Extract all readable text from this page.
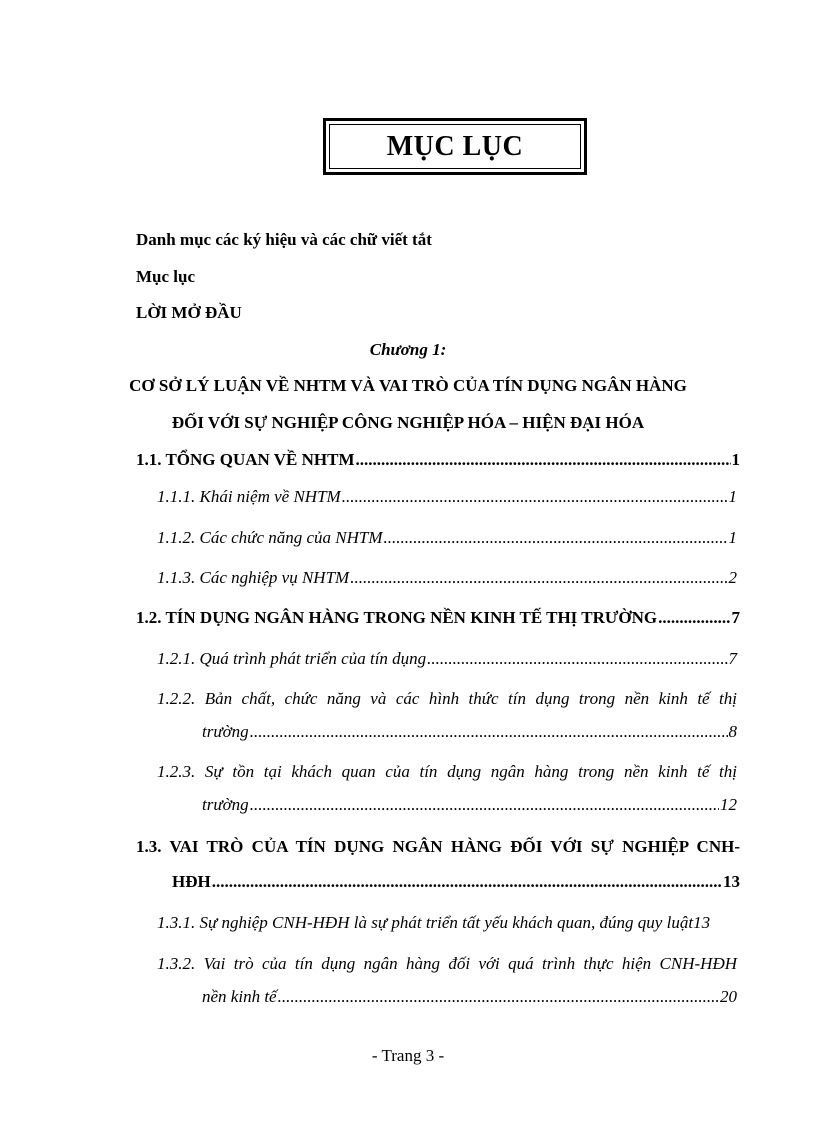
MỤC LỤC
Danh mục các ký hiệu và các chữ viết tắt
Mục lục
LỜI MỞ ĐẦU
Chương 1:
CƠ SỞ LÝ LUẬN VỀ NHTM VÀ VAI TRÒ CỦA TÍN DỤNG NGÂN HÀNG
ĐỐI VỚI SỰ NGHIỆP CÔNG NGHIỆP HÓA – HIỆN ĐẠI HÓA
1.1. TỔNG QUAN VỀ NHTM .....	1
1.1.1. Khái niệm về NHTM .....	1
1.1.2. Các chức năng của NHTM .....	1
1.1.3. Các nghiệp vụ NHTM .....	2
1.2. TÍN DỤNG NGÂN HÀNG TRONG NỀN KINH TẾ THỊ TRƯỜNG .....	7
1.2.1. Quá trình phát triển của tín dụng .....	7
1.2.2. Bản chất, chức năng và các hình thức tín dụng trong nền kinh tế thị
trường .....	8
1.2.3. Sự tồn tại khách quan của tín dụng ngân hàng trong nền kinh tế thị
trường .....	12
1.3. VAI TRÒ CỦA TÍN DỤNG NGÂN HÀNG ĐỐI VỚI SỰ NGHIỆP CNH-
HĐH .....	13
1.3.1. Sự nghiệp CNH-HĐH là sự phát triển tất yếu khách quan, đúng quy luật13
1.3.2. Vai trò của tín dụng ngân hàng đối với quá trình thực hiện CNH-HĐH
nền kinh tế .....	20
- Trang 3 -
